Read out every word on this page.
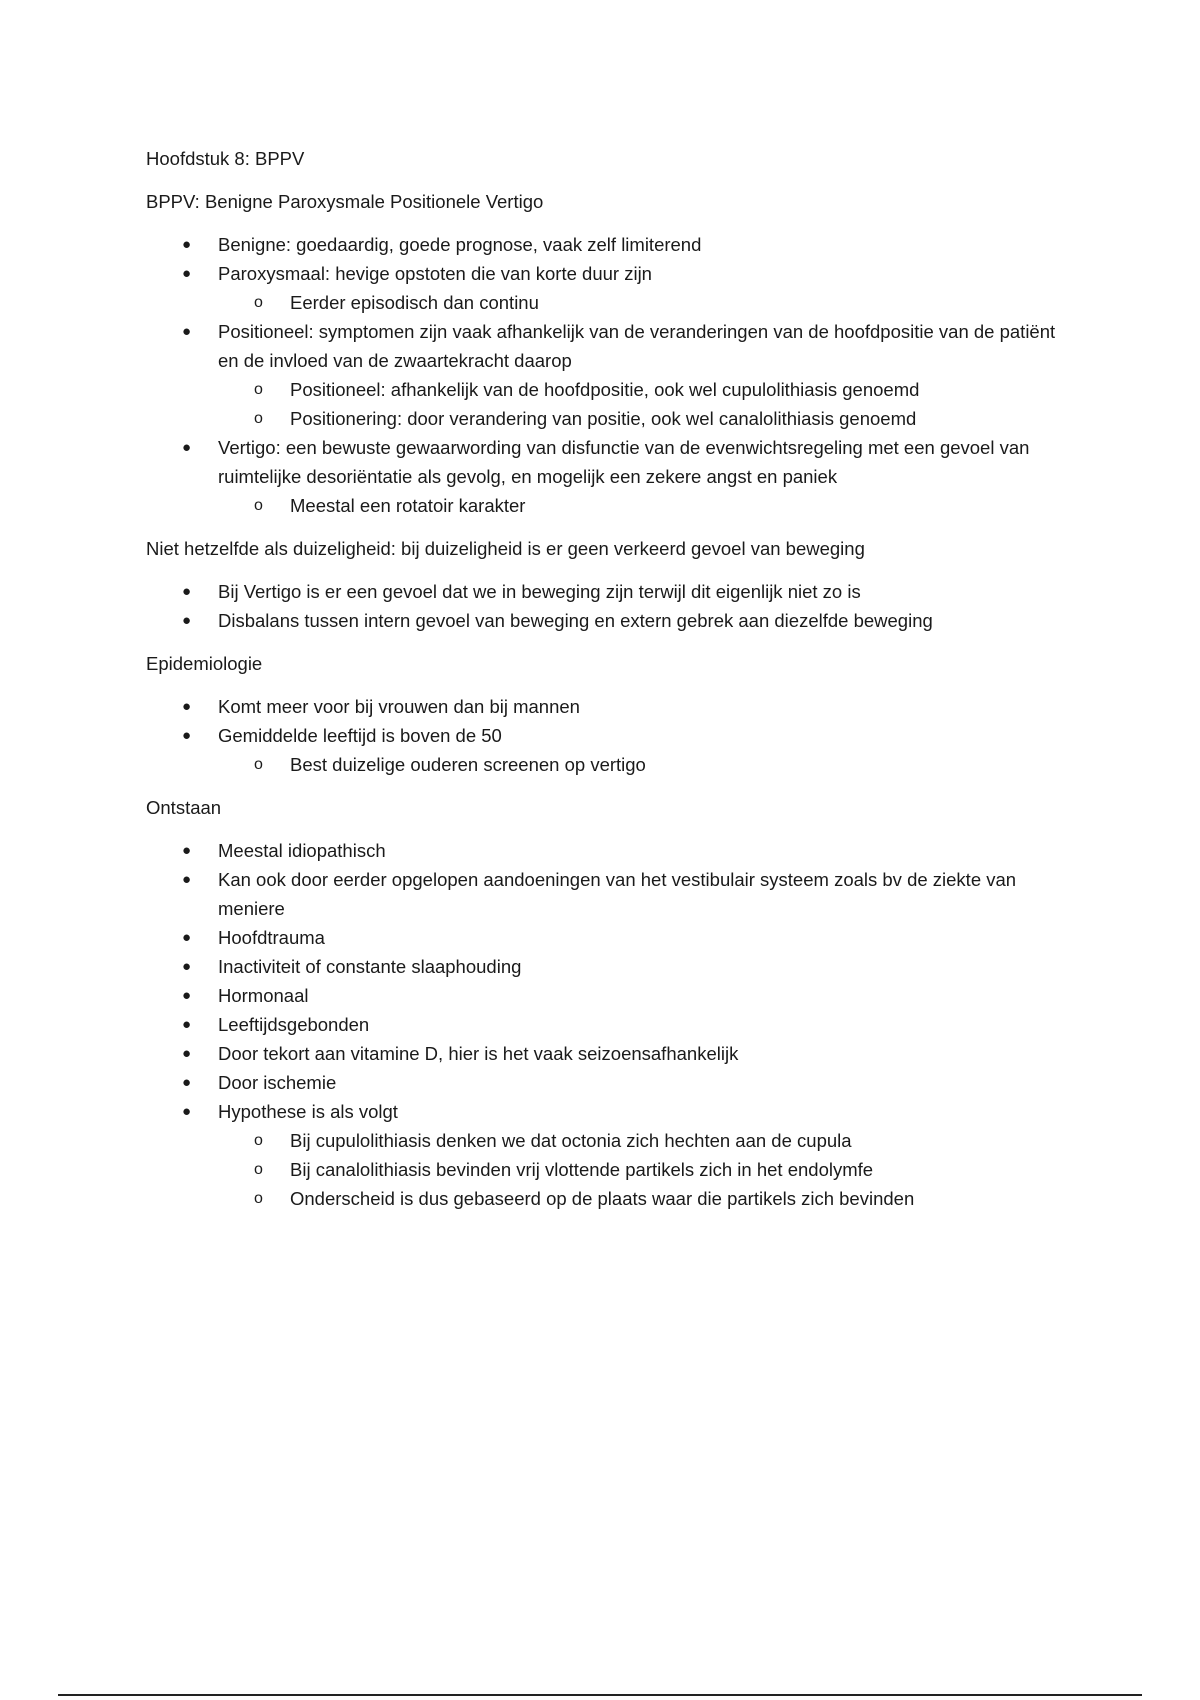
Hoofdstuk 8: BPPV

BPPV: Benigne Paroxysmale Positionele Vertigo

● Benigne: goedaardig, goede prognose, vaak zelf limiterend
● Paroxysmaal: hevige opstoten die van korte duur zijn
o Eerder episodisch dan continu
● Positioneel: symptomen zijn vaak afhankelijk van de veranderingen van de hoofdpositie van de patiënt en de invloed van de zwaartekracht daarop
o Positioneel: afhankelijk van de hoofdpositie, ook wel cupulolithiasis genoemd
o Positionering: door verandering van positie, ook wel canalolithiasis genoemd
● Vertigo: een bewuste gewaarwording van disfunctie van de evenwichtsregeling met een gevoel van ruimtelijke desoriëntatie als gevolg, en mogelijk een zekere angst en paniek
o Meestal een rotatoir karakter

Niet hetzelfde als duizeligheid: bij duizeligheid is er geen verkeerd gevoel van beweging

● Bij Vertigo is er een gevoel dat we in beweging zijn terwijl dit eigenlijk niet zo is
● Disbalans tussen intern gevoel van beweging en extern gebrek aan diezelfde beweging

Epidemiologie

● Komt meer voor bij vrouwen dan bij mannen
● Gemiddelde leeftijd is boven de 50
o Best duizelige ouderen screenen op vertigo

Ontstaan

● Meestal idiopathisch
● Kan ook door eerder opgelopen aandoeningen van het vestibulair systeem zoals bv de ziekte van meniere
● Hoofdtrauma
● Inactiviteit of constante slaaphouding
● Hormonaal
● Leeftijdsgebonden
● Door tekort aan vitamine D, hier is het vaak seizoensafhankelijk
● Door ischemie
● Hypothese is als volgt
o Bij cupulolithiasis denken we dat octonia zich hechten aan de cupula
o Bij canalolithiasis bevinden vrij vlottende partikels zich in het endolymfe
o Onderscheid is dus gebaseerd op de plaats waar die partikels zich bevinden
